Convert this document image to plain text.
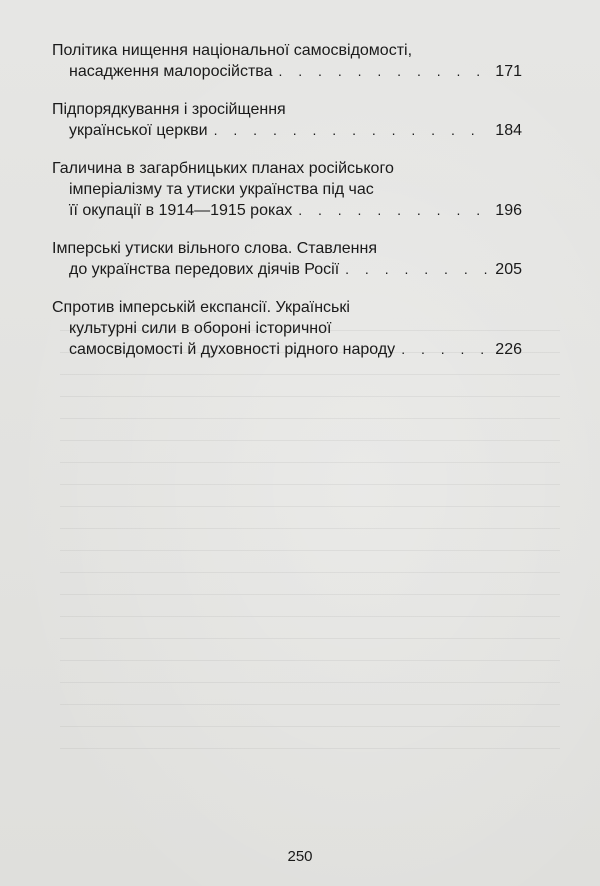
Політика нищення національної самосвідомості,
насадження малоросійства . . .	171
Підпорядкування і зросійщення
української церкви . . .	184
Галичина в загарбницьких планах російського
імперіалізму та утиски українства під час
її окупації в 1914—1915 роках . . .	196
Імперські утиски вільного слова. Ставлення
до українства передових діячів Росії . . .	205
Спротив імперській експансії. Українські
культурні сили в обороні історичної
самосвідомості й духовності рідного народу . . .	226
250
